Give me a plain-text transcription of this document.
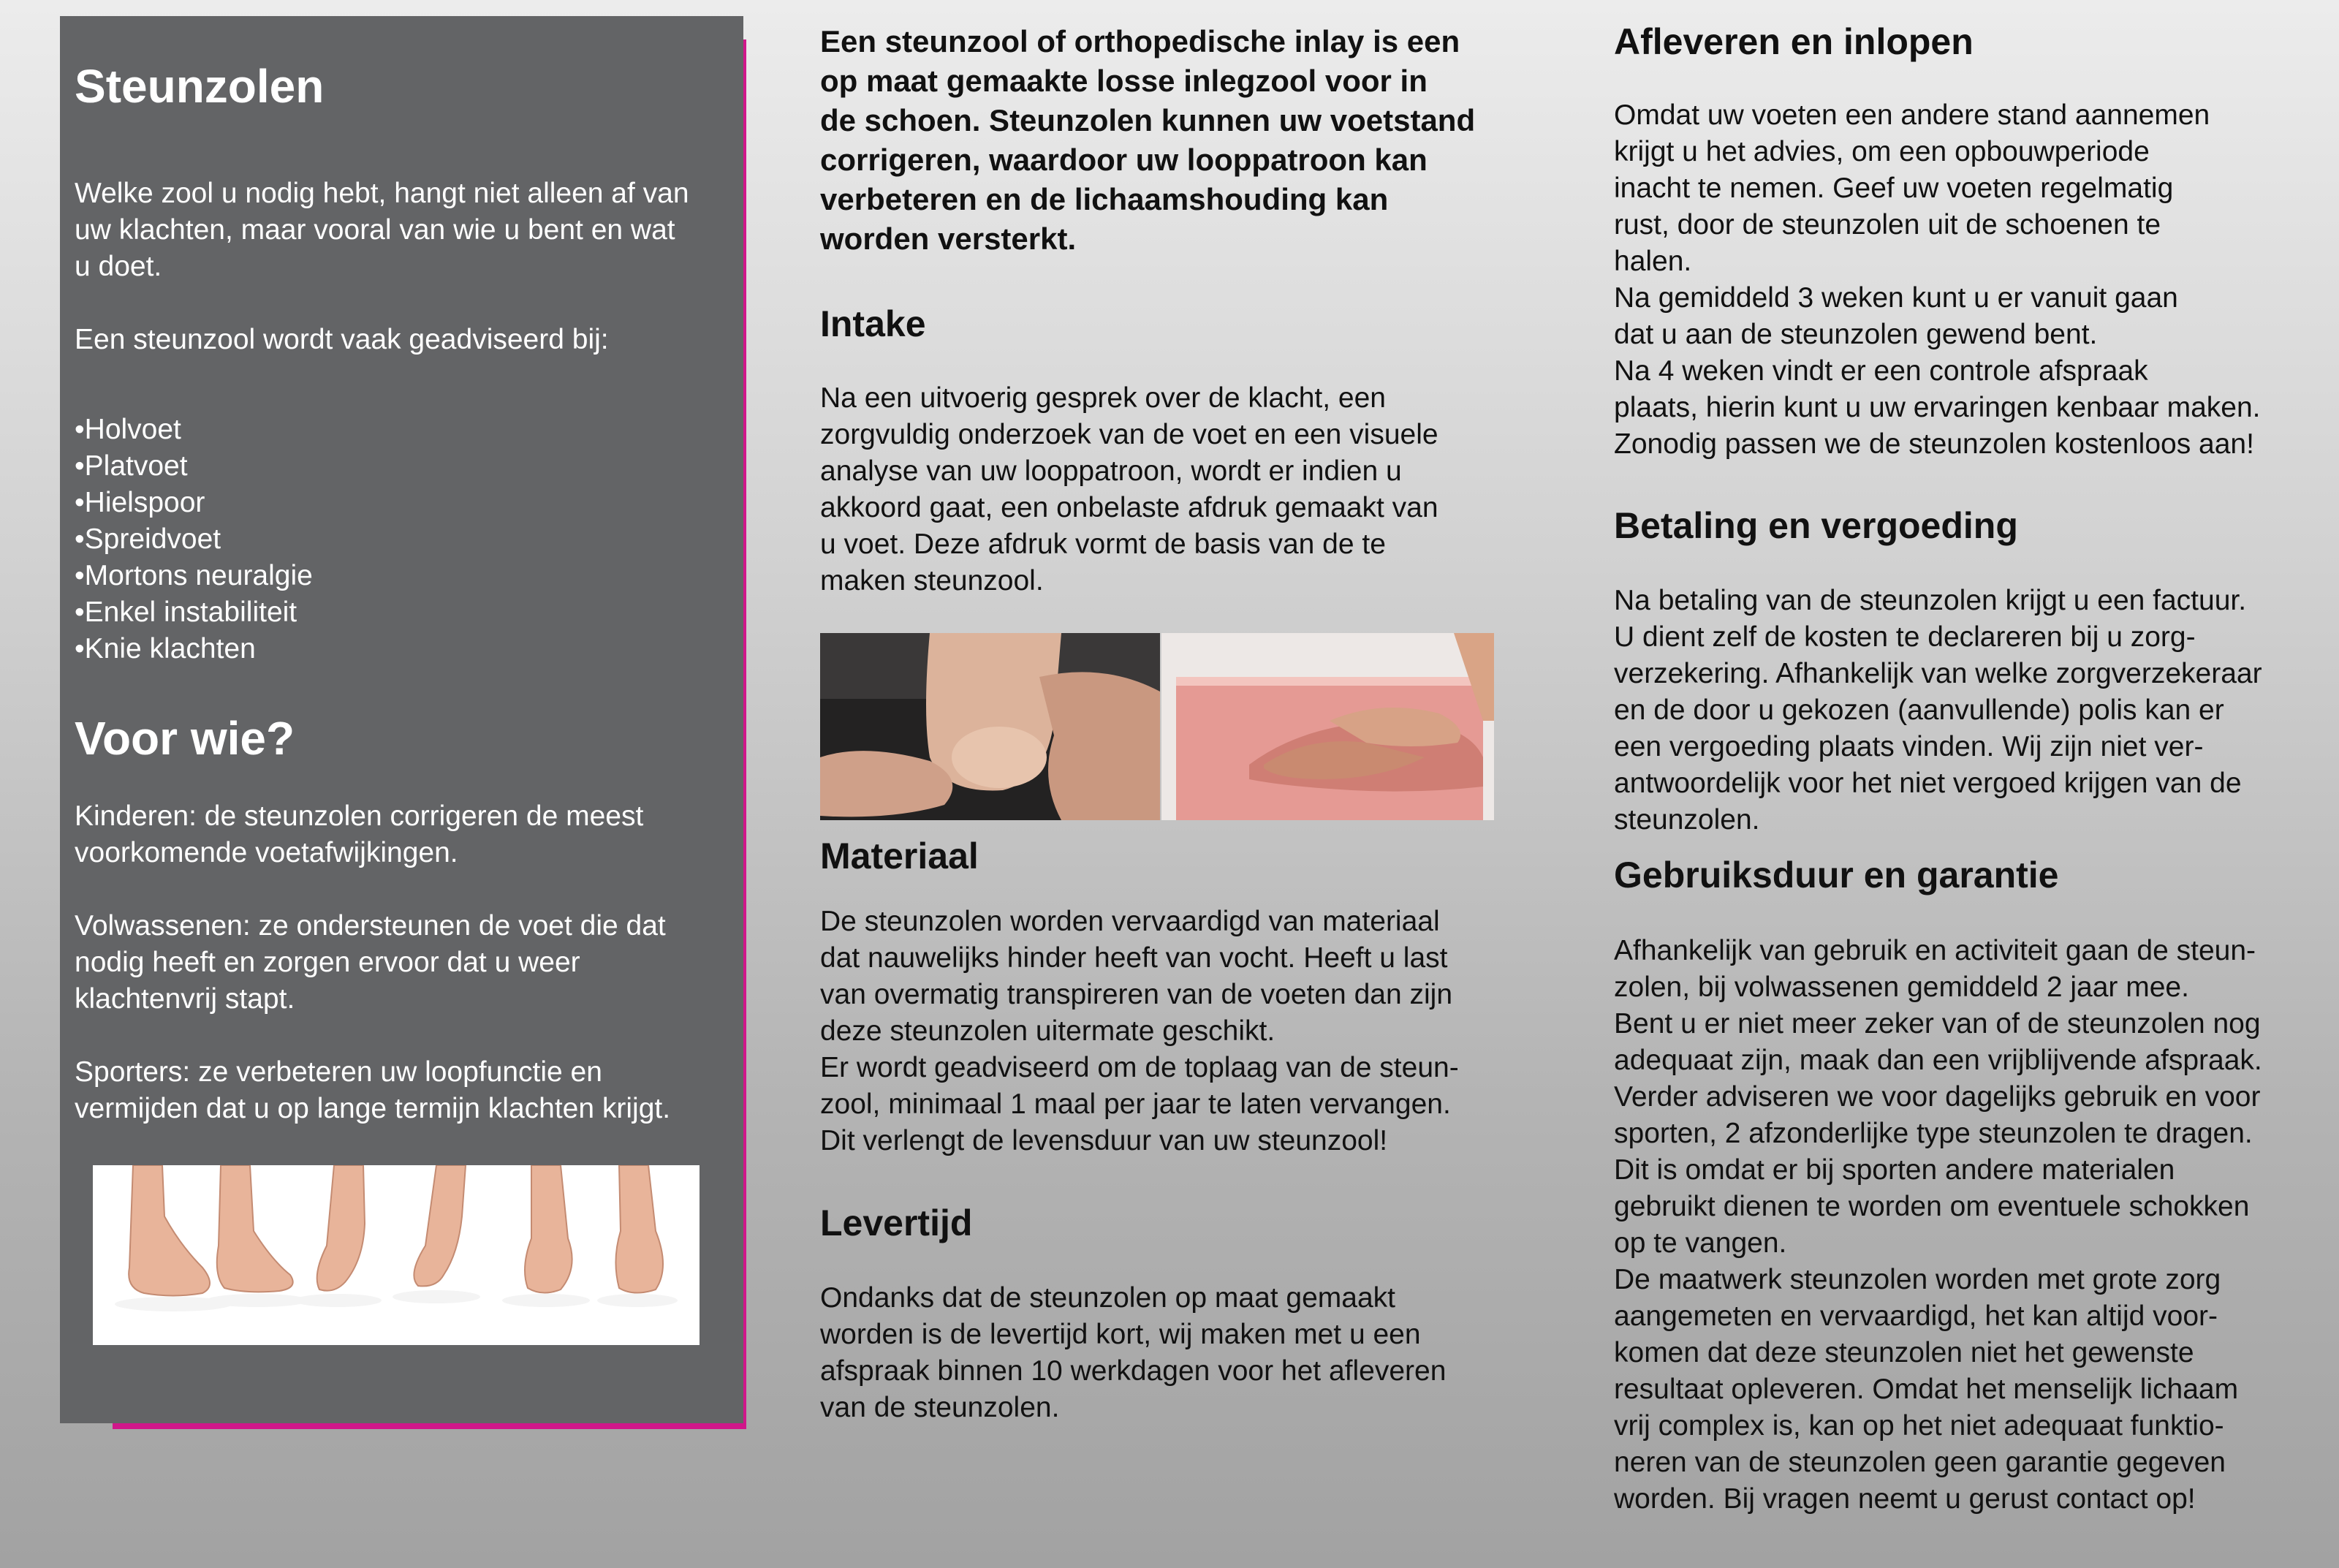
Steunzolen

Welke zool u nodig hebt, hangt niet alleen af van
uw klachten, maar vooral van wie u bent en wat
u doet.

Een steunzool wordt vaak geadviseerd bij:

• Holvoet
• Platvoet
• Hielspoor
• Spreidvoet
• Mortons neuralgie
• Enkel instabiliteit
• Knie klachten
Voor wie?

Kinderen: de steunzolen corrigeren de meest
voorkomende voetafwijkingen.

Volwassenen: ze ondersteunen de voet die dat
nodig heeft en zorgen ervoor dat u weer
klachtenvrij stapt.

Sporters: ze verbeteren uw loopfunctie en
vermijden dat u op lange termijn klachten krijgt.

Een steunzool of orthopedische inlay is een
op maat gemaakte losse inlegzool voor in
de schoen. Steunzolen kunnen uw voetstand
corrigeren, waardoor uw looppatroon kan
verbeteren en de lichaamshouding kan
worden versterkt.

Intake

Na een uitvoerig gesprek over de klacht, een
zorgvuldig onderzoek van de voet en een visuele
analyse van uw looppatroon, wordt er indien u
akkoord gaat, een onbelaste afdruk gemaakt van
u voet. Deze afdruk vormt de basis van de te
maken steunzool.

Materiaal

De steunzolen worden vervaardigd van materiaal
dat nauwelijks hinder heeft van vocht. Heeft u last
van overmatig transpireren van de voeten dan zijn
deze steunzolen uitermate geschikt.
Er wordt geadviseerd om de toplaag van de steun-
zool, minimaal 1 maal per jaar te laten vervangen.
Dit verlengt de levensduur van uw steunzool!

Levertijd

Ondanks dat de steunzolen op maat gemaakt
worden is de levertijd kort, wij maken met u een
afspraak binnen 10 werkdagen voor het afleveren
van de steunzolen.

Afleveren en inlopen

Omdat uw voeten een andere stand aannemen
krijgt u het advies, om een opbouwperiode
inacht te nemen. Geef uw voeten regelmatig
rust, door de steunzolen uit de schoenen te
halen.
Na gemiddeld 3 weken kunt u er vanuit gaan
dat u aan de steunzolen gewend bent.
Na 4 weken vindt er een controle afspraak
plaats, hierin kunt u uw ervaringen kenbaar maken.
Zonodig passen we de steunzolen kostenloos aan!

Betaling en vergoeding

Na betaling van de steunzolen krijgt u een factuur.
U dient zelf de kosten te declareren bij u zorg-
verzekering. Afhankelijk van welke zorgverzekeraar
en de door u gekozen (aanvullende) polis kan er
een vergoeding plaats vinden. Wij zijn niet ver-
antwoordelijk voor het niet vergoed krijgen van de
steunzolen.

Gebruiksduur en garantie

Afhankelijk van gebruik en activiteit gaan de steun-
zolen, bij volwassenen gemiddeld 2 jaar mee.
Bent u er niet meer zeker van of de steunzolen nog
adequaat zijn, maak dan een vrijblijvende afspraak.
Verder adviseren we voor dagelijks gebruik en voor
sporten, 2 afzonderlijke type steunzolen te dragen.
Dit is omdat er bij sporten andere materialen
gebruikt dienen te worden om eventuele schokken
op te vangen.
De maatwerk steunzolen worden met grote zorg
aangemeten en vervaardigd, het kan altijd voor-
komen dat deze steunzolen niet het gewenste
resultaat opleveren. Omdat het menselijk lichaam
vrij complex is, kan op het niet adequaat funktio-
neren van de steunzolen geen garantie gegeven
worden. Bij vragen neemt u gerust contact op!
